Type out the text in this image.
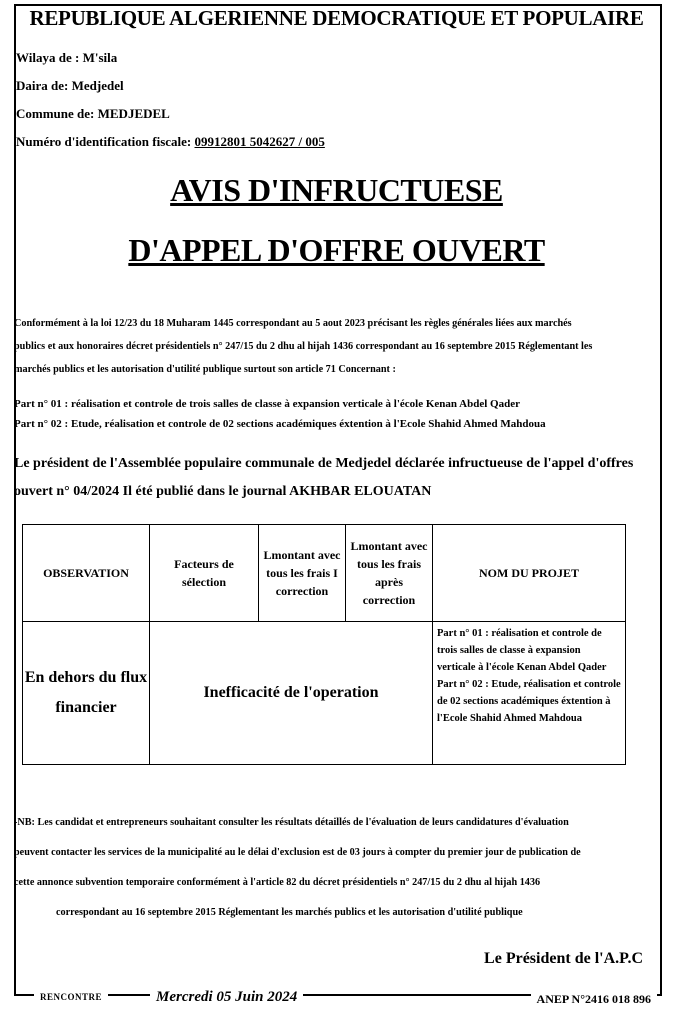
REPUBLIQUE ALGERIENNE DEMOCRATIQUE ET POPULAIRE
Wilaya de : M'sila
Daira de: Medjedel
Commune de: MEDJEDEL
Numéro d'identification fiscale: 09912801 5042627 / 005
AVIS D'INFRUCTUESE
D'APPEL D'OFFRE OUVERT
Conformément à la loi 12/23 du 18 Muharam 1445 correspondant au 5 aout 2023 précisant les règles générales liées aux marchés
publics et aux honoraires décret présidentiels n° 247/15 du 2 dhu al hijah 1436 correspondant au 16 septembre 2015 Réglementant les
marchés publics et les autorisation d'utilité publique surtout son article 71 Concernant :
Part n° 01 : réalisation et controle de trois salles de classe à expansion verticale à l'école Kenan Abdel Qader
Part n° 02 : Etude, réalisation et controle de 02 sections académiques éxtention à l'Ecole Shahid Ahmed Mahdoua
Le président de l'Assemblée populaire communale de Medjedel déclarée infructueuse de l'appel d'offres
ouvert n° 04/2024 Il été publié dans le journal AKHBAR ELOUATAN
OBSERVATION	Facteurs de sélection	Lmontant avec tous les frais I correction	Lmontant avec tous les frais après correction	NOM DU PROJET
En dehors du flux financier	Inefficacité de l'operation			Part n° 01 : réalisation et controle de trois salles de classe à expansion verticale à l'école Kenan Abdel Qader
Part n° 02 : Etude, réalisation et controle de 02 sections académiques éxtention à l'Ecole Shahid Ahmed Mahdoua
-NB: Les candidat et entrepreneurs souhaitant consulter les résultats détaillés de l'évaluation de leurs candidatures d'évaluation
peuvent contacter les services de la municipalité au le délai d'exclusion est de 03 jours à compter du premier jour de publication de
cette annonce subvention temporaire conformément à l'article 82 du décret présidentiels n° 247/15 du 2 dhu al hijah 1436
correspondant au 16 septembre 2015 Réglementant les marchés publics et les autorisation d'utilité publique
Le Président de l'A.P.C
RENCONTRE	Mercredi 05 Juin 2024	ANEP N°2416 018 896
